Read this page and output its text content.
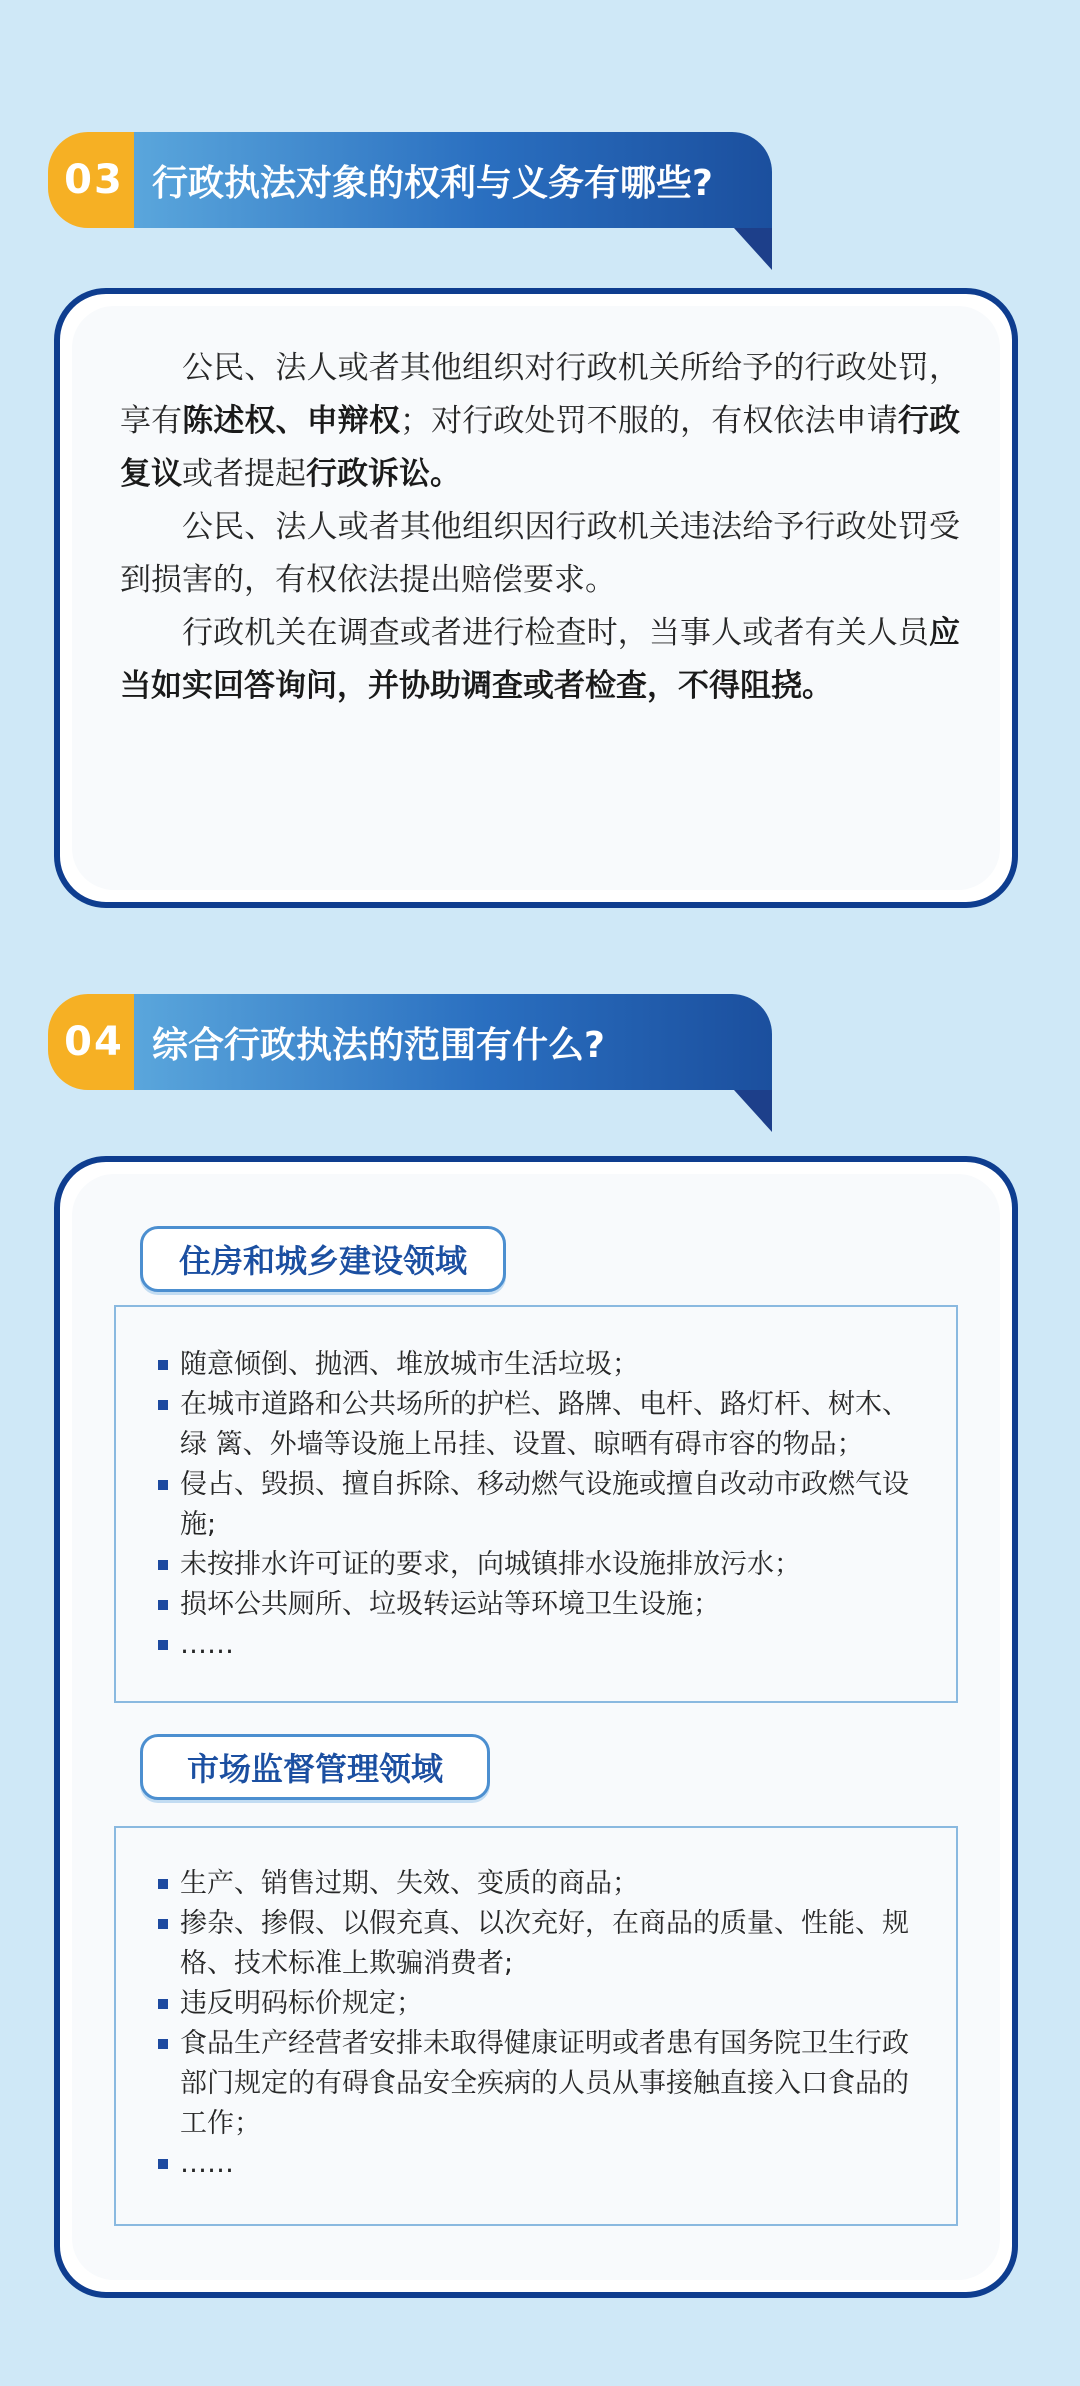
03 行政执法对象的权利与义务有哪些?

公民、法人或者其他组织对行政机关所给予的行政处罚，享有陈述权、申辩权；对行政处罚不服的，有权依法申请行政复议或者提起行政诉讼。

公民、法人或者其他组织因行政机关违法给予行政处罚受到损害的，有权依法提出赔偿要求。

行政机关在调查或者进行检查时，当事人或者有关人员应当如实回答询问，并协助调查或者检查，不得阻挠。

04 综合行政执法的范围有什么?
住房和城乡建设领域
随意倾倒、抛洒、堆放城市生活垃圾；
在城市道路和公共场所的护栏、路牌、电杆、路灯杆、树木、绿 篱、外墙等设施上吊挂、设置、晾晒有碍市容的物品；
侵占、毁损、擅自拆除、移动燃气设施或擅自改动市政燃气设施;
未按排水许可证的要求，向城镇排水设施排放污水；
损坏公共厕所、垃圾转运站等环境卫生设施；
……
市场监督管理领域
生产、销售过期、失效、变质的商品；
掺杂、掺假、以假充真、以次充好，在商品的质量、性能、规格、技术标准上欺骗消费者;
违反明码标价规定；
食品生产经营者安排未取得健康证明或者患有国务院卫生行政部门规定的有碍食品安全疾病的人员从事接触直接入口食品的工作；
……
